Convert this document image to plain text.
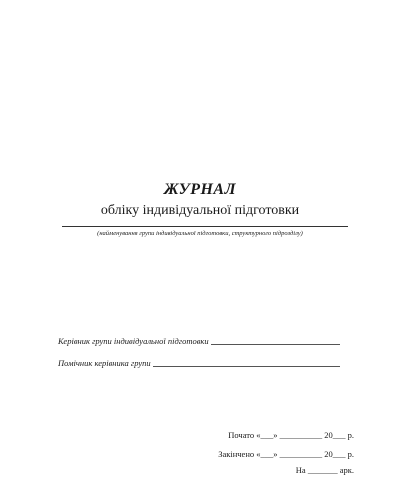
ЖУРНАЛ
обліку індивідуальної підготовки
(найменування групи індивідуальної підготовки, структурного підрозділу)
Керівник групи індивідуальної підготовки
Помічник керівника групи
Почато «___» __________ 20___ р.
Закінчено «___» __________ 20___ р.
На _______ арк.
